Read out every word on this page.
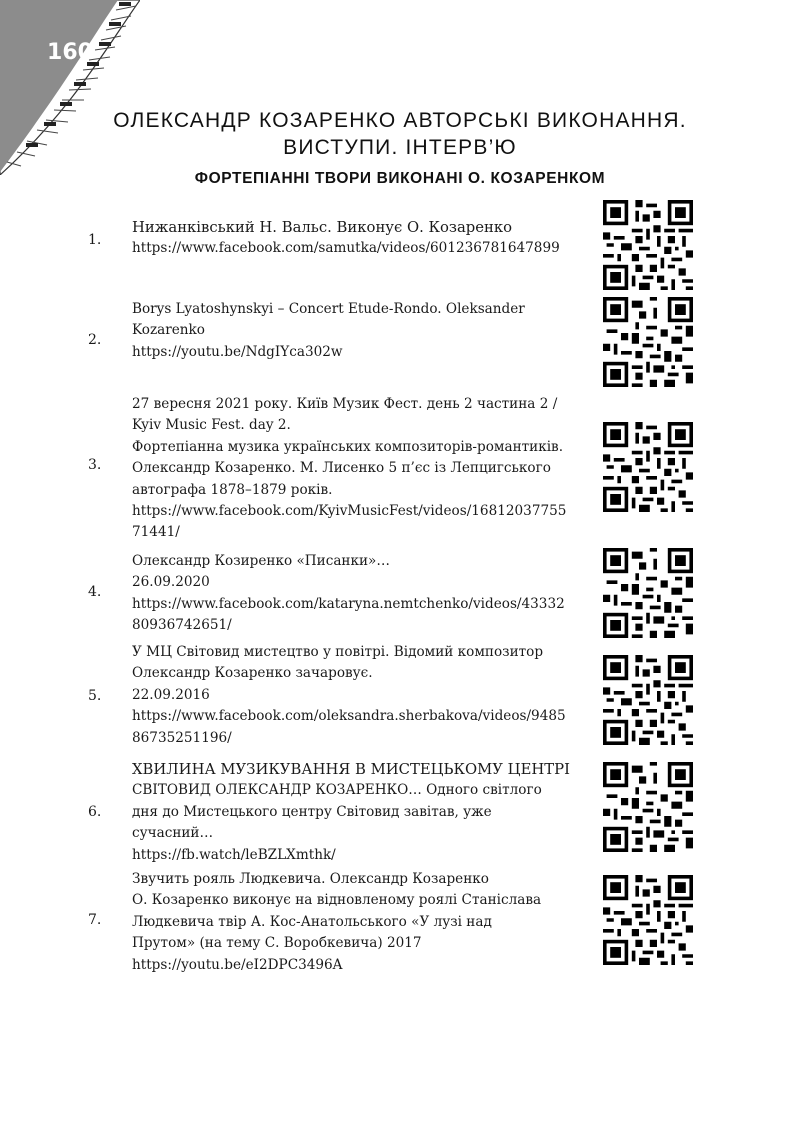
160
ОЛЕКСАНДР КОЗАРЕНКО АВТОРСЬКІ ВИКОНАННЯ.
ВИСТУПИ. ІНТЕРВ’Ю
ФОРТЕПІАННІ ТВОРИ ВИКОНАНІ О. КОЗАРЕНКОМ
1.
Нижанківський Н. Вальс. Виконує О. Козаренко
https://www.facebook.com/samutka/videos/601236781647899
2.
Borys Lyatoshynskyi – Concert Etude-Rondo. Oleksander
Kozarenko
https://youtu.be/NdgIYca302w
3.
27 вересня 2021 року. Київ Музик Фест. день 2 частина 2 /
Kyiv Music Fest. day 2.
Фортепіанна музика українських композиторів-романтиків.
Олександр Козаренко. М. Лисенко 5 п’єс із Лепцигського
автографа 1878–1879 років.
https://www.facebook.com/KyivMusicFest/videos/16812037755
71441/
4.
Олександр Козиренко «Писанки»…
26.09.2020
https://www.facebook.com/kataryna.nemtchenko/videos/43332
80936742651/
5.
У МЦ Світовид мистецтво у повітрі. Відомий композитор
Олександр Козаренко зачаровує.
22.09.2016
https://www.facebook.com/oleksandra.sherbakova/videos/9485
86735251196/
6.
ХВИЛИНА МУЗИКУВАННЯ В МИСТЕЦЬКОМУ ЦЕНТРІ
СВІТОВИД ОЛЕКСАНДР КОЗАРЕНКО… Одного світлого
дня до Мистецького центру Світовид завітав, уже
сучасний…
https://fb.watch/leBZLXmthk/
7.
Звучить рояль Людкевича. Олександр Козаренко
О. Козаренко виконує на відновленому роялі Станіслава
Людкевича твір А. Кос-Анатольського «У лузі над
Прутом» (на тему С. Воробкевича) 2017
https://youtu.be/eI2DPC3496A
